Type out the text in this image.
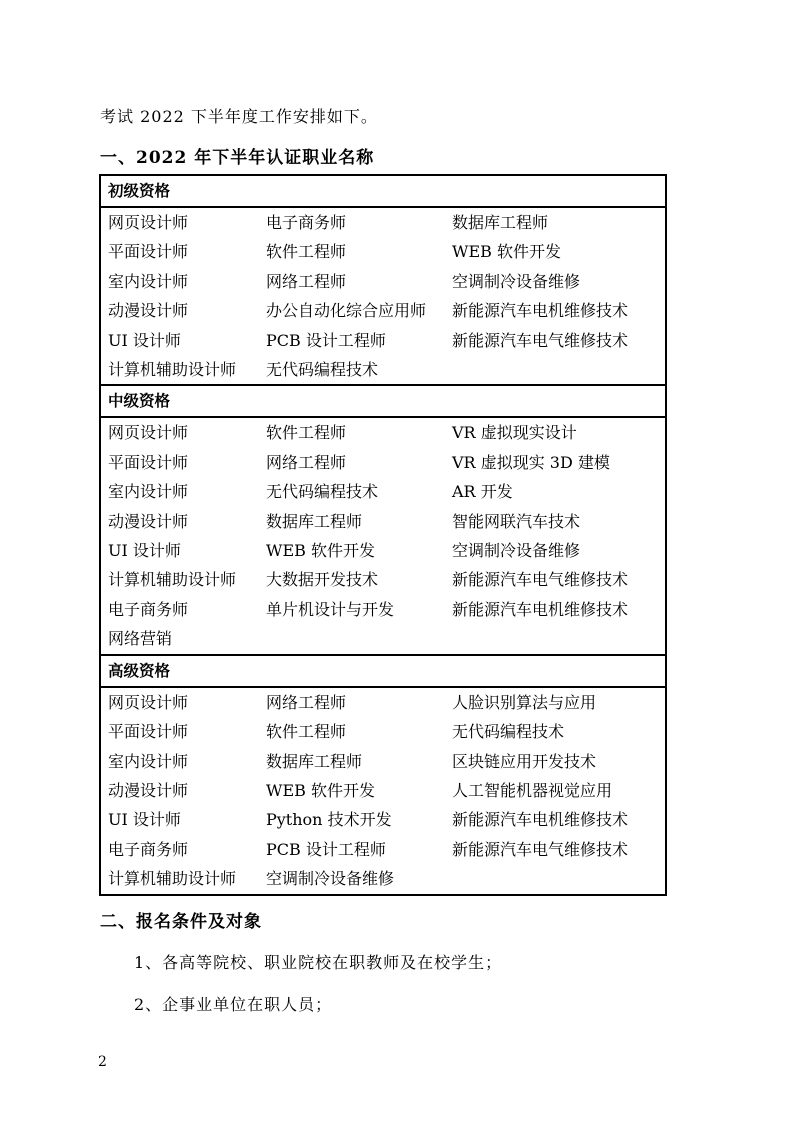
考试 2022 下半年度工作安排如下。
一、2022 年下半年认证职业名称
初级资格		
网页设计师	电子商务师	数据库工程师
平面设计师	软件工程师	WEB 软件开发
室内设计师	网络工程师	空调制冷设备维修
动漫设计师	办公自动化综合应用师	新能源汽车电机维修技术
UI 设计师	PCB 设计工程师	新能源汽车电气维修技术
计算机辅助设计师	无代码编程技术	
中级资格		
网页设计师	软件工程师	VR 虚拟现实设计
平面设计师	网络工程师	VR 虚拟现实 3D 建模
室内设计师	无代码编程技术	AR 开发
动漫设计师	数据库工程师	智能网联汽车技术
UI 设计师	WEB 软件开发	空调制冷设备维修
计算机辅助设计师	大数据开发技术	新能源汽车电气维修技术
电子商务师	单片机设计与开发	新能源汽车电机维修技术
网络营销		
高级资格		
网页设计师	网络工程师	人脸识别算法与应用
平面设计师	软件工程师	无代码编程技术
室内设计师	数据库工程师	区块链应用开发技术
动漫设计师	WEB 软件开发	人工智能机器视觉应用
UI 设计师	Python 技术开发	新能源汽车电机维修技术
电子商务师	PCB 设计工程师	新能源汽车电气维修技术
计算机辅助设计师	空调制冷设备维修	
二、报名条件及对象
1、各高等院校、职业院校在职教师及在校学生；
2、企事业单位在职人员；
2
